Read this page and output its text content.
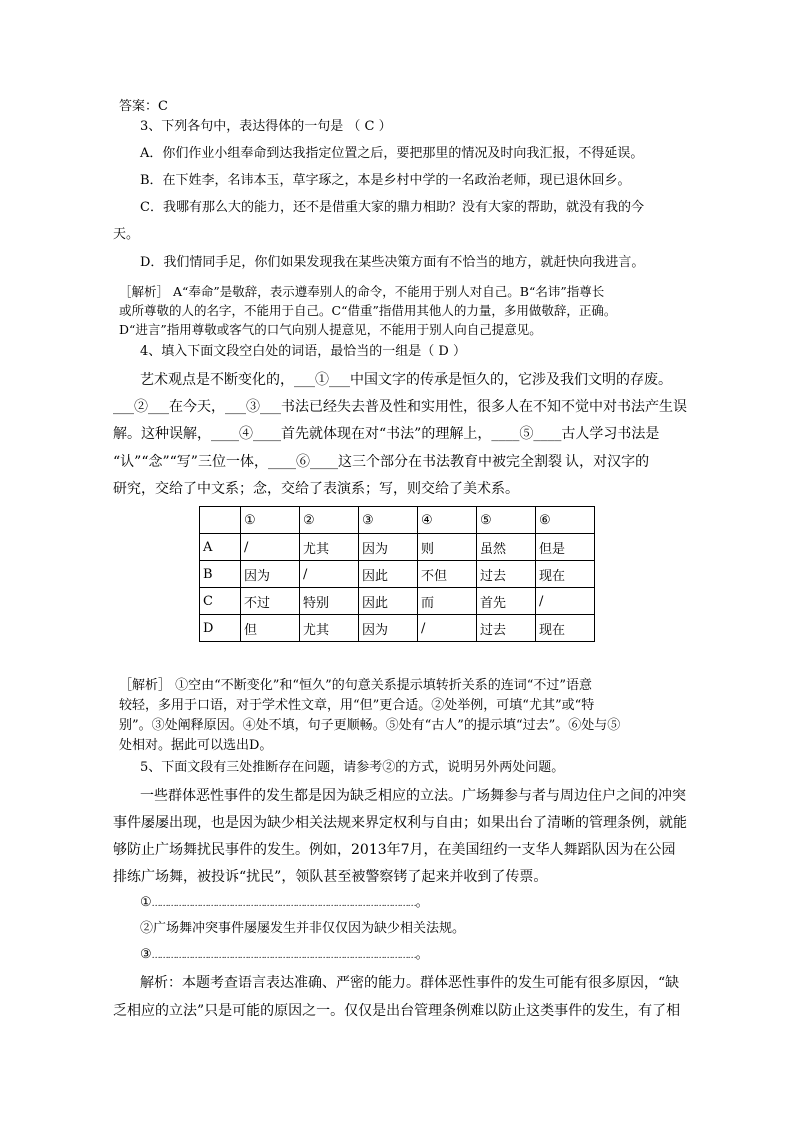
答案：C
3、下列各句中，表达得体的一句是 （ C ）
A．你们作业小组奉命到达我指定位置之后，要把那里的情况及时向我汇报，不得延误。
B．在下姓李，名讳本玉，草字琢之，本是乡村中学的一名政治老师，现已退休回乡。
C．我哪有那么大的能力，还不是借重大家的鼎力相助？没有大家的帮助，就没有我的今
天。
D．我们情同手足，你们如果发现我在某些决策方面有不恰当的地方，就赶快向我进言。
［解析］ A“奉命”是敬辞，表示遵奉别人的命令，不能用于别人对自己。B“名讳”指尊长
或所尊敬的人的名字，不能用于自己。C“借重”指借用其他人的力量，多用做敬辞，正确。
D“进言”指用尊敬或客气的口气向别人提意见，不能用于别人向自己提意见。
4、填入下面文段空白处的词语，最恰当的一组是（ D ）
艺术观点是不断变化的，___①___中国文字的传承是恒久的，它涉及我们文明的存废。
___②___在今天，___③___书法已经失去普及性和实用性，很多人在不知不觉中对书法产生误
解。这种误解，____④____首先就体现在对“书法”的理解上，____⑤____古人学习书法是
“认”“念”“写”三位一体，____⑥____这三个部分在书法教育中被完全割裂 认，对汉字的
研究，交给了中文系；念，交给了表演系；写，则交给了美术系。
	①	②	③	④	⑤	⑥
A	/	尤其	因为	则	虽然	但是
B	因为	/	因此	不但	过去	现在
C	不过	特别	因此	而	首先	/
D	但	尤其	因为	/	过去	现在
［解析］ ①空由“不断变化”和“恒久”的句意关系提示填转折关系的连词“不过”语意
较轻，多用于口语，对于学术性文章，用“但”更合适。②处举例，可填“尤其”或“特
别”。③处阐释原因。④处不填，句子更顺畅。⑤处有“古人”的提示填“过去”。⑥处与⑤
处相对。据此可以选出D。
5、下面文段有三处推断存在问题，请参考②的方式，说明另外两处问题。
一些群体恶性事件的发生都是因为缺乏相应的立法。广场舞参与者与周边住户之间的冲突
事件屡屡出现，也是因为缺少相关法规来界定权利与自由；如果出台了清晰的管理条例，就能
够防止广场舞扰民事件的发生。例如，2013年7月，在美国纽约一支华人舞蹈队因为在公园
排练广场舞，被投诉“扰民”，领队甚至被警察铐了起来并收到了传票。
①………………………………………………………………………………………。
②广场舞冲突事件屡屡发生并非仅仅因为缺少相关法规。
③………………………………………………………………………………………。
解析：本题考查语言表达准确、严密的能力。群体恶性事件的发生可能有很多原因，“缺
乏相应的立法”只是可能的原因之一。仅仅是出台管理条例难以防止这类事件的发生，有了相
